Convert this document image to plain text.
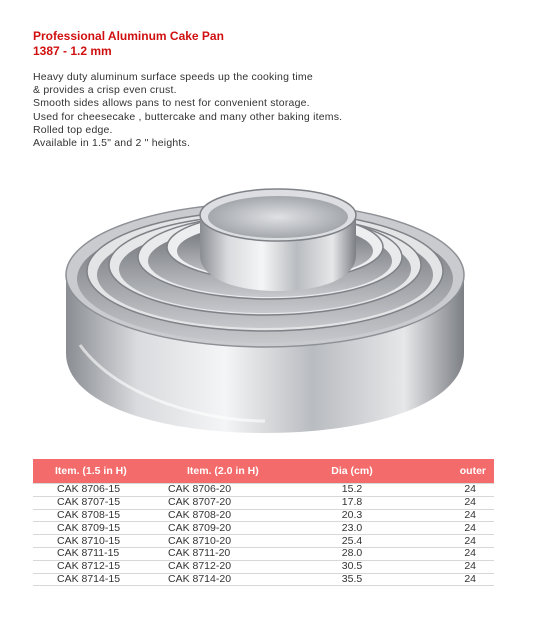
Professional Aluminum Cake Pan
1387 - 1.2 mm
Heavy duty aluminum surface speeds up the cooking time
& provides a crisp even crust.
Smooth sides allows pans to nest for convenient storage.
Used for cheesecake , buttercake and many other baking items.
Rolled top edge.
Available in 1.5" and 2 " heights.
Item. (1.5 in H)	Item. (2.0 in H)	Dia (cm)	outer
CAK 8706-15	CAK 8706-20	15.2	24
CAK 8707-15	CAK 8707-20	17.8	24
CAK 8708-15	CAK 8708-20	20.3	24
CAK 8709-15	CAK 8709-20	23.0	24
CAK 8710-15	CAK 8710-20	25.4	24
CAK 8711-15	CAK 8711-20	28.0	24
CAK 8712-15	CAK 8712-20	30.5	24
CAK 8714-15	CAK 8714-20	35.5	24
